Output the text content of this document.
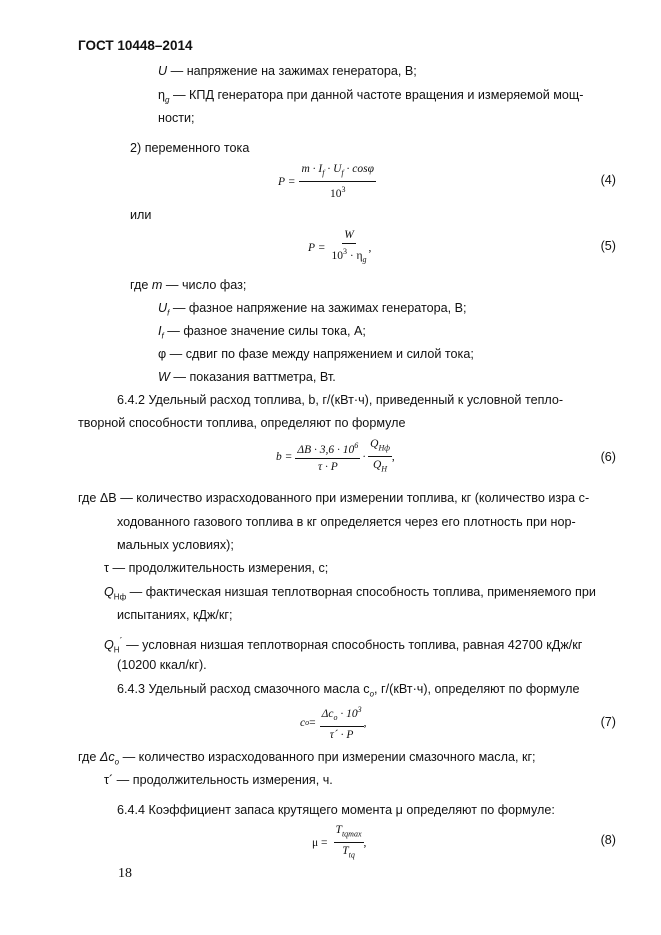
ГОСТ 10448–2014
U — напряжение на зажимах генератора, В;
$\eta_g$ — КПД генератора при данной частоте вращения и измеряемой мощ-
ности;
2) переменного тока
$P = \frac{m \cdot I_f \cdot U_f \cdot \cos\varphi}{10^3}$	(4)
или
$P = \frac{W}{10^3 \cdot \eta_g}$ ,	(5)
где m — число фаз;
$U_f$ — фазное напряжение на зажимах генератора, В;
$I_f$ — фазное значение силы тока, А;
φ — сдвиг по фазе между напряжением и силой тока;
W — показания ваттметра, Вт.
6.4.2 Удельный расход топлива, b, г/(кВт·ч), приведенный к условной тепло-
творной способности топлива, определяют по формуле
$b = \frac{\Delta B \cdot 3,6 \cdot 10^6}{\tau \cdot P} \cdot \frac{Q_{Hф}}{Q_H}$ ,	(6)
где ΔB — количество израсходованного при измерении топлива, кг (количество изра с-
ходованного газового топлива в кг определяется через его плотность при нор-
мальных условиях);
τ — продолжительность измерения, с;
$Q_{Hф}$ — фактическая низшая теплотворная способность топлива, применяемого при
испытаниях, кДж/кг;
$Q_H^´$ — условная низшая теплотворная способность топлива, равная 42700 кДж/кг
(10200 ккал/кг).
6.4.3 Удельный расход смазочного масла $c_o$, г/(кВт·ч), определяют по формуле
c $o = \frac{\Delta c_o \cdot 10^3}{\tau´ \cdot P}$ ,	(7)
где $\Delta c_o$ — количество израсходованного при измерении смазочного масла, кг;
τ´ — продолжительность измерения, ч.
6.4.4 Коэффициент запаса крутящего момента μ определяют по формуле:
$\mu = \frac{T_{tqmax}}{T_{tq}}$ ,	(8)
18
